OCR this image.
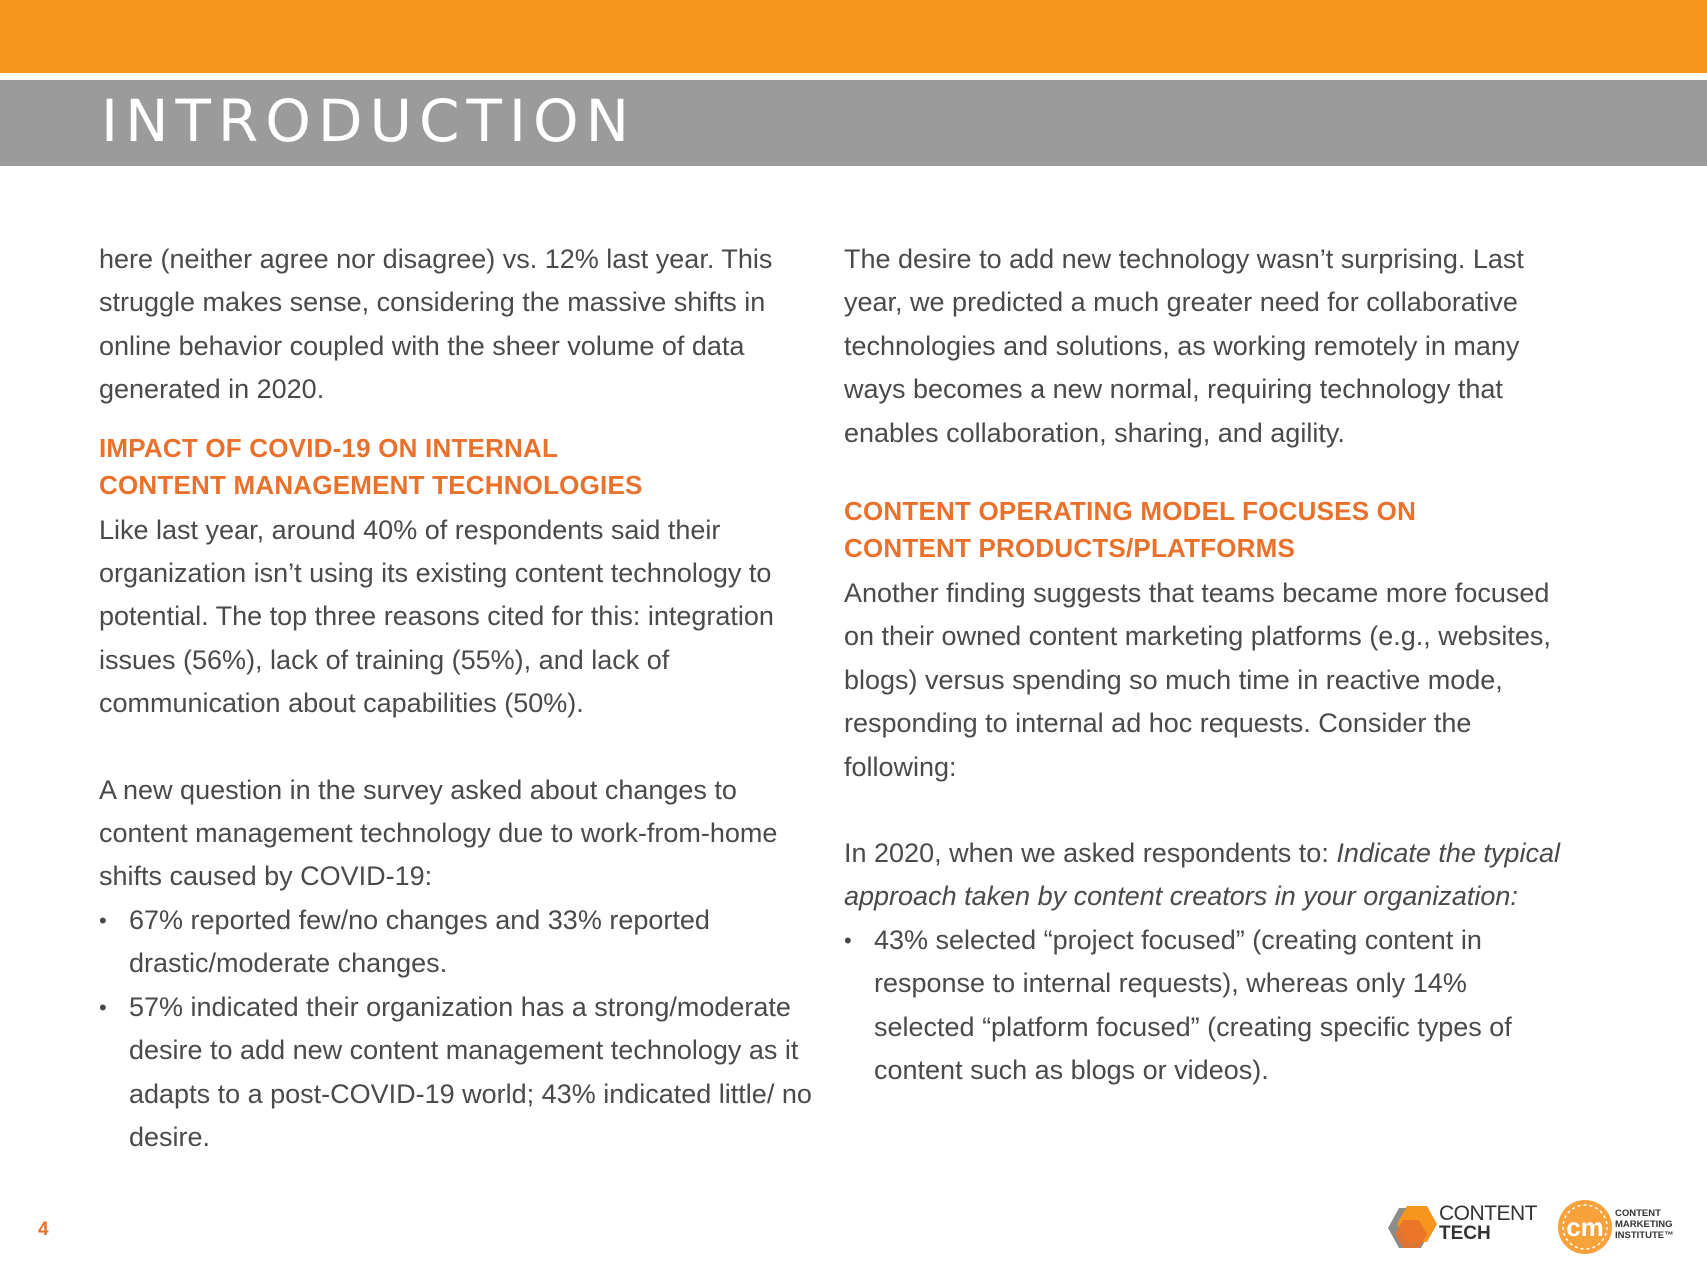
INTRODUCTION

here (neither agree nor disagree) vs. 12% last year. This struggle makes sense, considering the massive shifts in online behavior coupled with the sheer volume of data generated in 2020.

IMPACT OF COVID-19 ON INTERNAL
CONTENT MANAGEMENT TECHNOLOGIES

Like last year, around 40% of respondents said their organization isn’t using its existing content technology to potential. The top three reasons cited for this: integration issues (56%), lack of training (55%), and lack of communication about capabilities (50%).

A new question in the survey asked about changes to content management technology due to work-from-home shifts caused by COVID-19:

• 67% reported few/no changes and 33% reported drastic/moderate changes.
• 57% indicated their organization has a strong/moderate desire to add new content management technology as it adapts to a post-COVID-19 world; 43% indicated little/ no desire.

The desire to add new technology wasn’t surprising. Last year, we predicted a much greater need for collaborative technologies and solutions, as working remotely in many ways becomes a new normal, requiring technology that enables collaboration, sharing, and agility.

CONTENT OPERATING MODEL FOCUSES ON
CONTENT PRODUCTS/PLATFORMS

Another finding suggests that teams became more focused on their owned content marketing platforms (e.g., websites, blogs) versus spending so much time in reactive mode, responding to internal ad hoc requests. Consider the following:

In 2020, when we asked respondents to: Indicate the typical approach taken by content creators in your organization:

• 43% selected “project focused” (creating content in response to internal requests), whereas only 14% selected “platform focused” (creating specific types of content such as blogs or videos).
4
CONTENT
TECH	cm CONTENT
MARKETING
INSTITUTE™
